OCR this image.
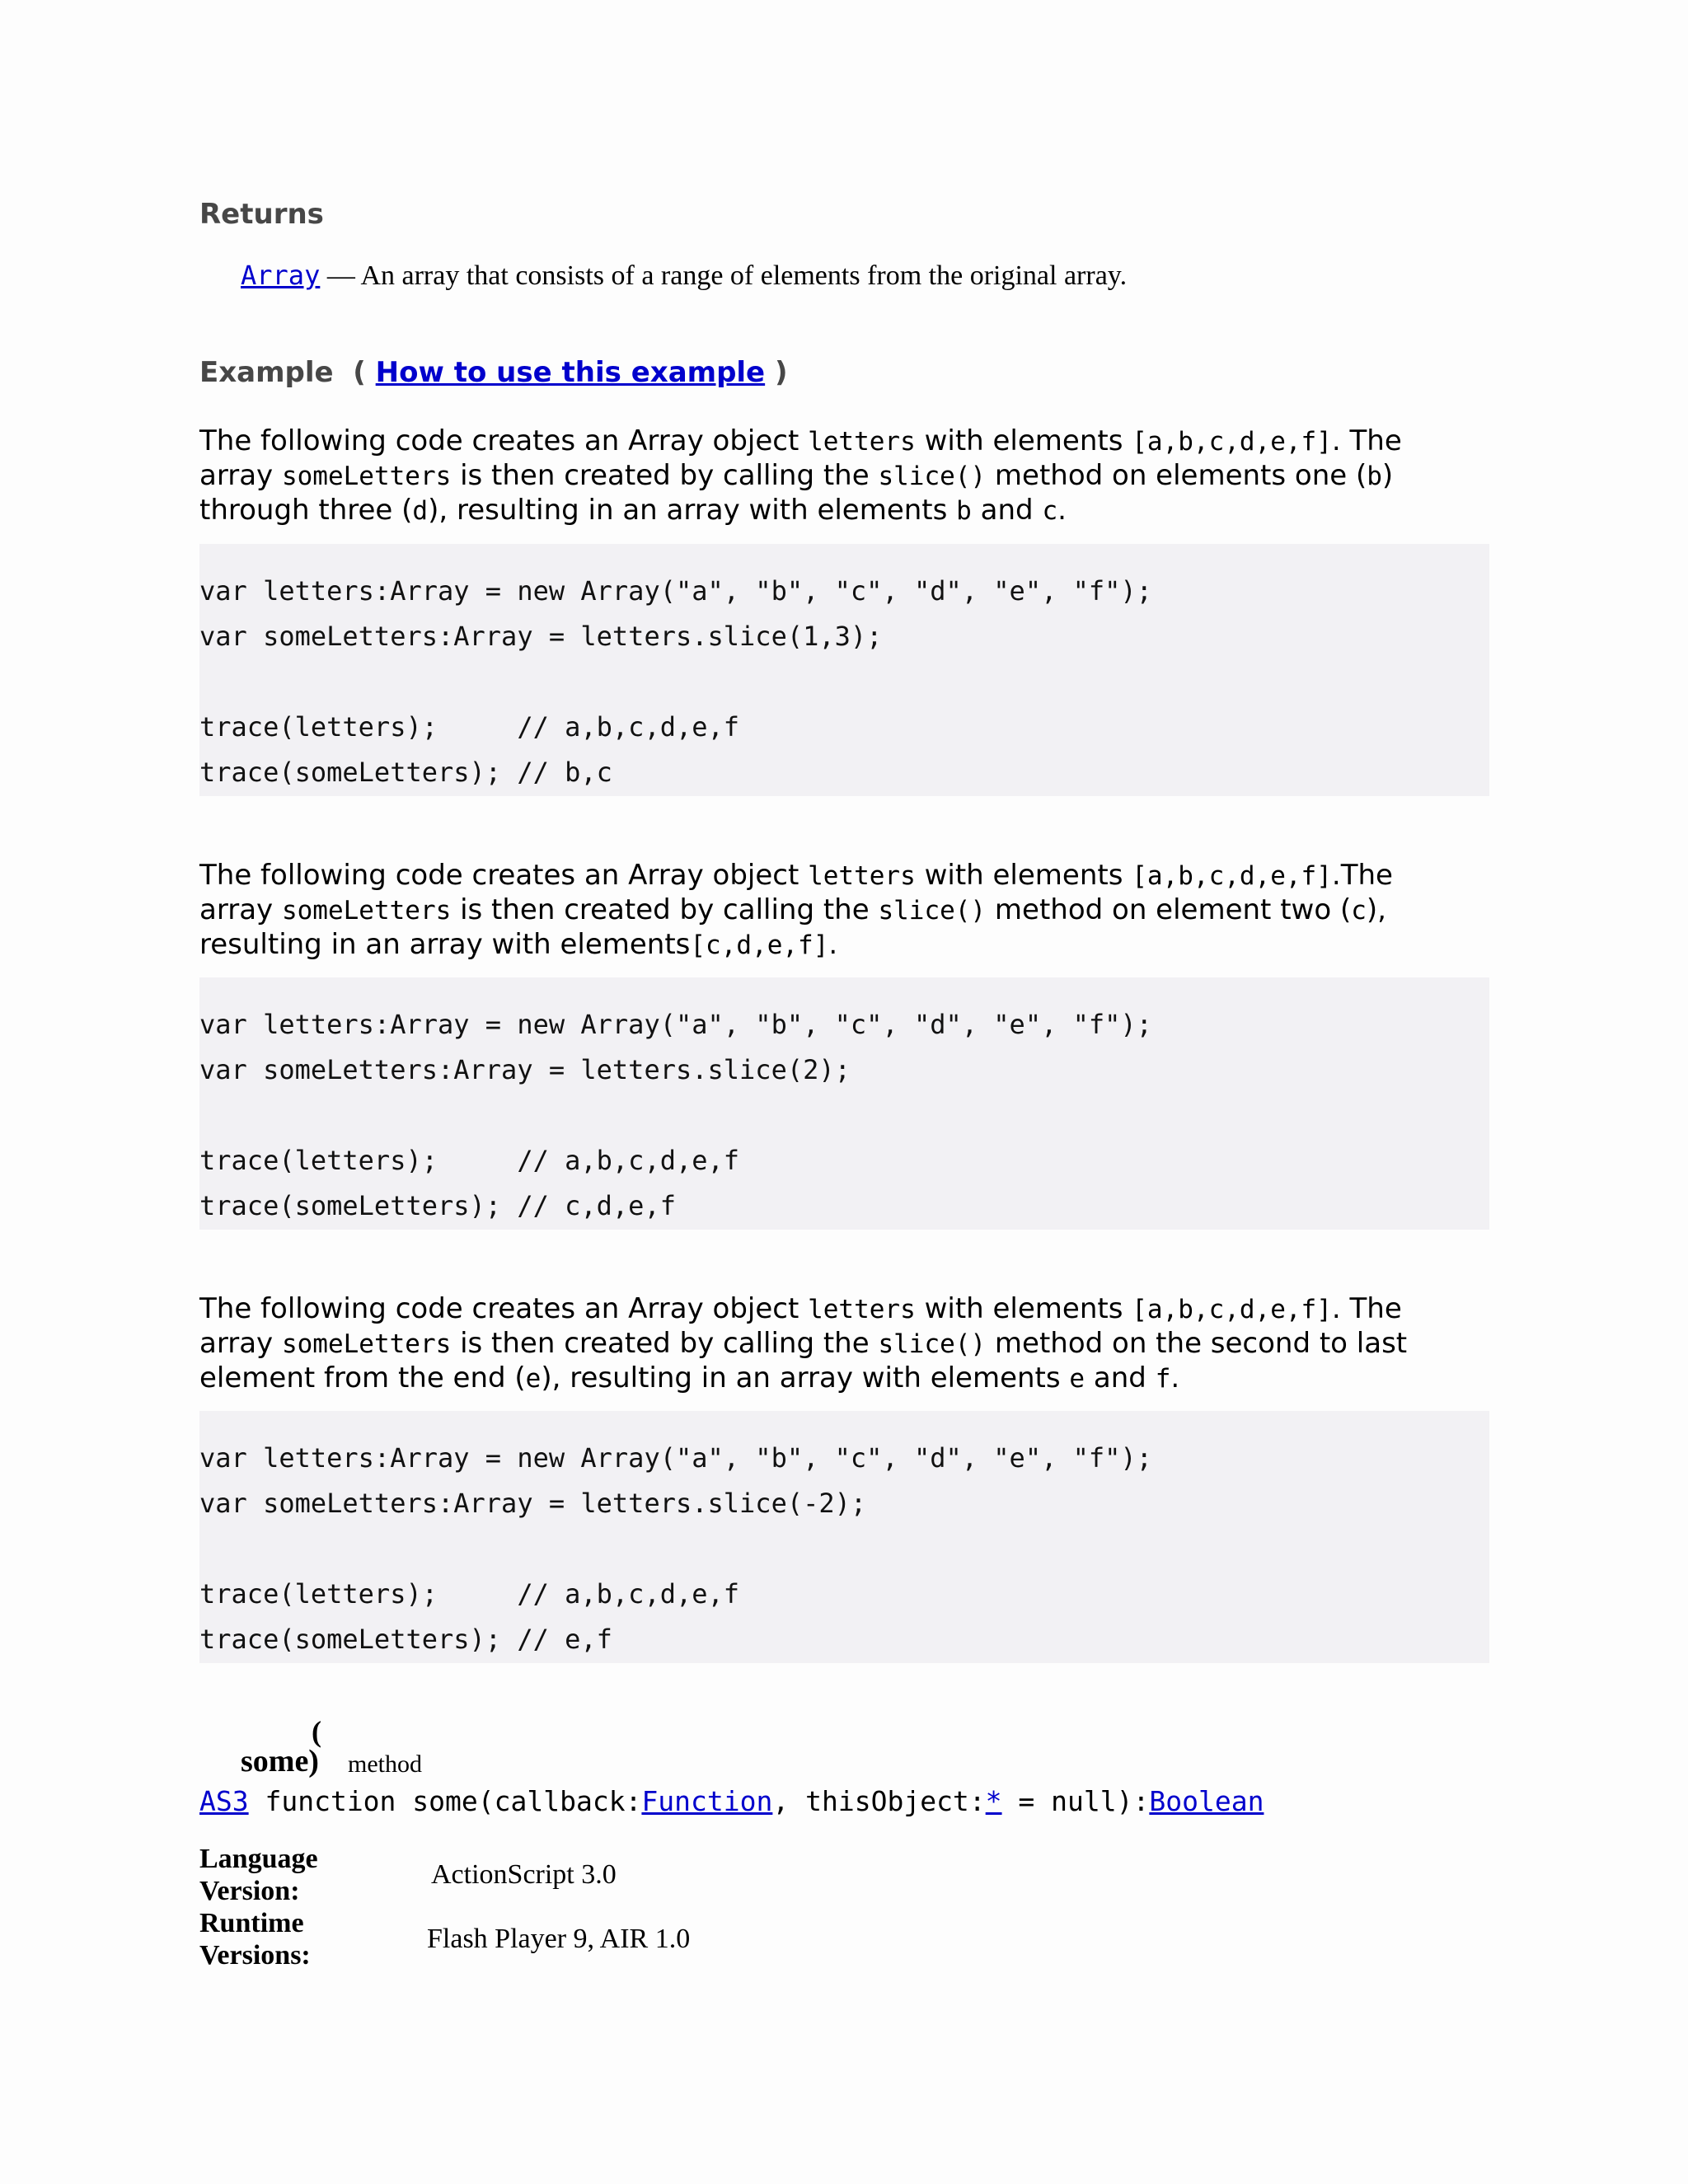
Returns
Array — An array that consists of a range of elements from the original array.
Example ( How to use this example )
The following code creates an Array object letters with elements [a,b,c,d,e,f]. The array someLetters is then created by calling the slice() method on elements one (b) through three (d), resulting in an array with elements b and c.
var letters:Array = new Array("a", "b", "c", "d", "e", "f");
var someLetters:Array = letters.slice(1,3);
trace(letters);     // a,b,c,d,e,f
trace(someLetters); // b,c
The following code creates an Array object letters with elements [a,b,c,d,e,f].The array someLetters is then created by calling the slice() method on element two (c), resulting in an array with elements[c,d,e,f].
var letters:Array = new Array("a", "b", "c", "d", "e", "f");
var someLetters:Array = letters.slice(2);
trace(letters);     // a,b,c,d,e,f
trace(someLetters); // c,d,e,f
The following code creates an Array object letters with elements [a,b,c,d,e,f]. The array someLetters is then created by calling the slice() method on the second to last element from the end (e), resulting in an array with elements e and f.
var letters:Array = new Array("a", "b", "c", "d", "e", "f");
var someLetters:Array = letters.slice(-2);
trace(letters);     // a,b,c,d,e,f
trace(someLetters); // e,f
(
some) method
AS3 function some(callback:Function, thisObject:* = null):Boolean
Language Version:
ActionScript 3.0
Runtime Versions:
Flash Player 9, AIR 1.0
